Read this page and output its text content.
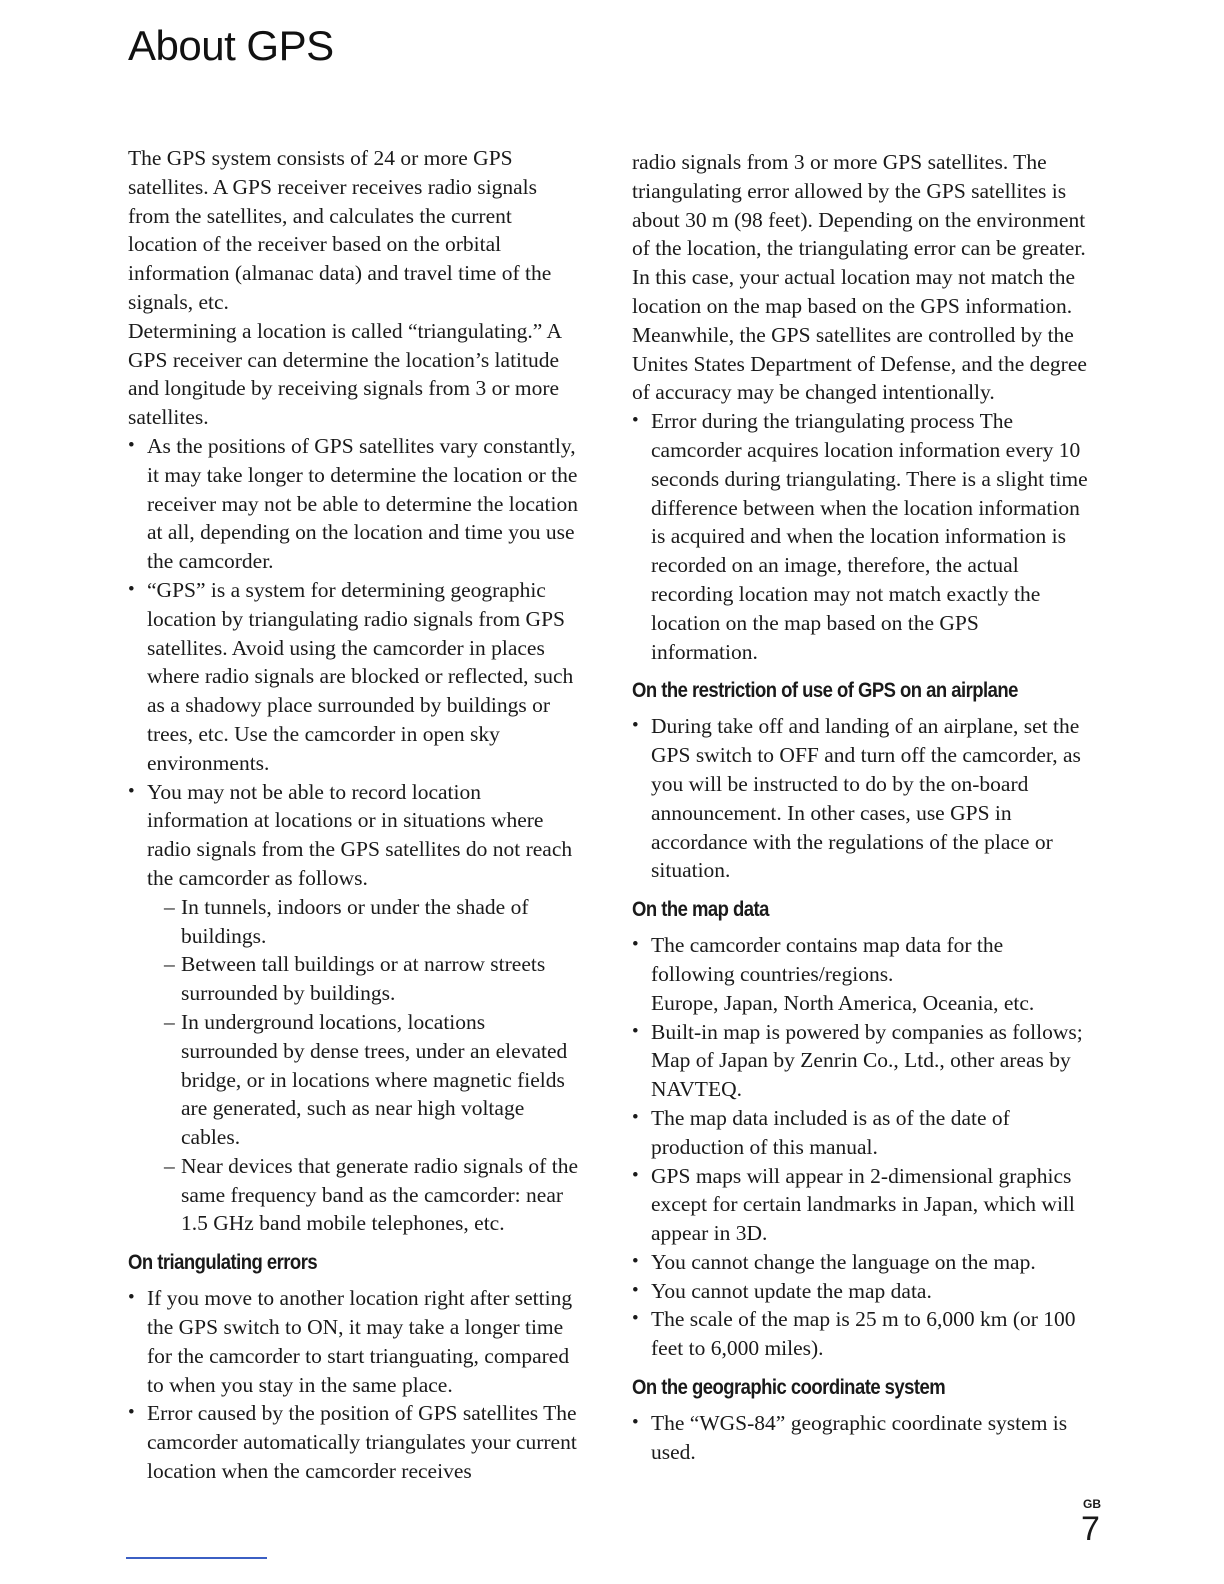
About GPS

The GPS system consists of 24 or more GPS satellites. A GPS receiver receives radio signals from the satellites, and calculates the current location of the receiver based on the orbital information (almanac data) and travel time of the signals, etc.

Determining a location is called “triangulating.” A GPS receiver can determine the location’s latitude and longitude by receiving signals from 3 or more satellites.

• As the positions of GPS satellites vary constantly, it may take longer to determine the location or the receiver may not be able to determine the location at all, depending on the location and time you use the camcorder.
• “GPS” is a system for determining geographic location by triangulating radio signals from GPS satellites. Avoid using the camcorder in places where radio signals are blocked or reflected, such as a shadowy place surrounded by buildings or trees, etc. Use the camcorder in open sky environments.
• You may not be able to record location information at locations or in situations where radio signals from the GPS satellites do not reach the camcorder as follows.
– In tunnels, indoors or under the shade of buildings.
– Between tall buildings or at narrow streets surrounded by buildings.
– In underground locations, locations surrounded by dense trees, under an elevated bridge, or in locations where magnetic fields are generated, such as near high voltage cables.
– Near devices that generate radio signals of the same frequency band as the camcorder: near 1.5 GHz band mobile telephones, etc.
On triangulating errors
• If you move to another location right after setting the GPS switch to ON, it may take a longer time for the camcorder to start trianguating, compared to when you stay in the same place.
• Error caused by the position of GPS satellites The camcorder automatically triangulates your current location when the camcorder receives

radio signals from 3 or more GPS satellites. The triangulating error allowed by the GPS satellites is about 30 m (98 feet). Depending on the environment of the location, the triangulating error can be greater. In this case, your actual location may not match the location on the map based on the GPS information. Meanwhile, the GPS satellites are controlled by the Unites States Department of Defense, and the degree of accuracy may be changed intentionally.

• Error during the triangulating process The camcorder acquires location information every 10 seconds during triangulating. There is a slight time difference between when the location information is acquired and when the location information is recorded on an image, therefore, the actual recording location may not match exactly the location on the map based on the GPS information.
On the restriction of use of GPS on an airplane
• During take off and landing of an airplane, set the GPS switch to OFF and turn off the camcorder, as you will be instructed to do by the on-board announcement. In other cases, use GPS in accordance with the regulations of the place or situation.
On the map data
• The camcorder contains map data for the following countries/regions.
Europe, Japan, North America, Oceania, etc.
• Built-in map is powered by companies as follows; Map of Japan by Zenrin Co., Ltd., other areas by NAVTEQ.
• The map data included is as of the date of production of this manual.
• GPS maps will appear in 2-dimensional graphics except for certain landmarks in Japan, which will appear in 3D.
• You cannot change the language on the map.
• You cannot update the map data.
• The scale of the map is 25 m to 6,000 km (or 100 feet to 6,000 miles).
On the geographic coordinate system
• The “WGS-84” geographic coordinate system is used.
GB
7
